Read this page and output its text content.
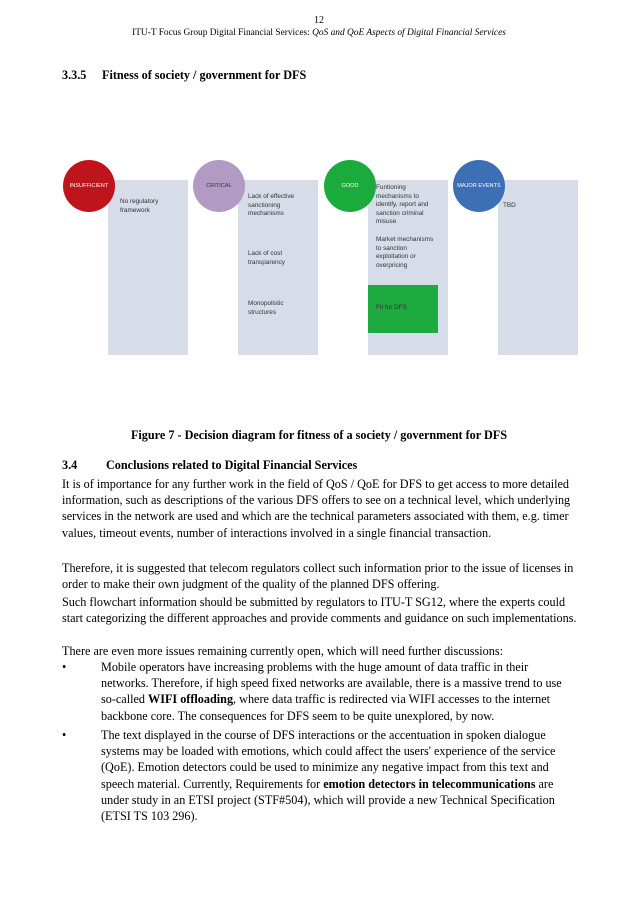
12
ITU-T Focus Group Digital Financial Services: QoS and QoE Aspects of Digital Financial Services
3.3.5 Fitness of society / government for DFS
INSUFFICIENT	CRITICAL	GOOD	MAJOR EVENTS
No regulatory framework
Lack of effective sanctioning mechanisms
Lack of cost transparency
Monopolistic structures
Funtioning mechanisms to identify, report and sanction criminal misuse
Market mechanisms to sanction exploitation or overpricing
Fit for DFS
TBD
Figure 7 - Decision diagram for fitness of a society / government for DFS
3.4 Conclusions related to Digital Financial Services
It is of importance for any further work in the field of QoS / QoE for DFS to get access to more detailed information, such as descriptions of the various DFS offers to see on a technical level, which underlying services in the network are used and which are the technical parameters associated with them, e.g. timer values, timeout events, number of interactions involved in a single financial transaction.
Therefore, it is suggested that telecom regulators collect such information prior to the issue of licenses in order to make their own judgment of the quality of the planned DFS offering.
Such flowchart information should be submitted by regulators to ITU-T SG12, where the experts could start categorizing the different approaches and provide comments and guidance on such implementations.
There are even more issues remaining currently open, which will need further discussions:
•	Mobile operators have increasing problems with the huge amount of data traffic in their networks. Therefore, if high speed fixed networks are available, there is a massive trend to use so-called WIFI offloading, where data traffic is redirected via WIFI accesses to the internet backbone core. The consequences for DFS seem to be quite unexplored, by now.
•	The text displayed in the course of DFS interactions or the accentuation in spoken dialogue systems may be loaded with emotions, which could affect the users' experience of the service (QoE). Emotion detectors could be used to minimize any negative impact from this text and speech material. Currently, Requirements for emotion detectors in telecommunications are under study in an ETSI project (STF#504), which will provide a new Technical Specification (ETSI TS 103 296).
